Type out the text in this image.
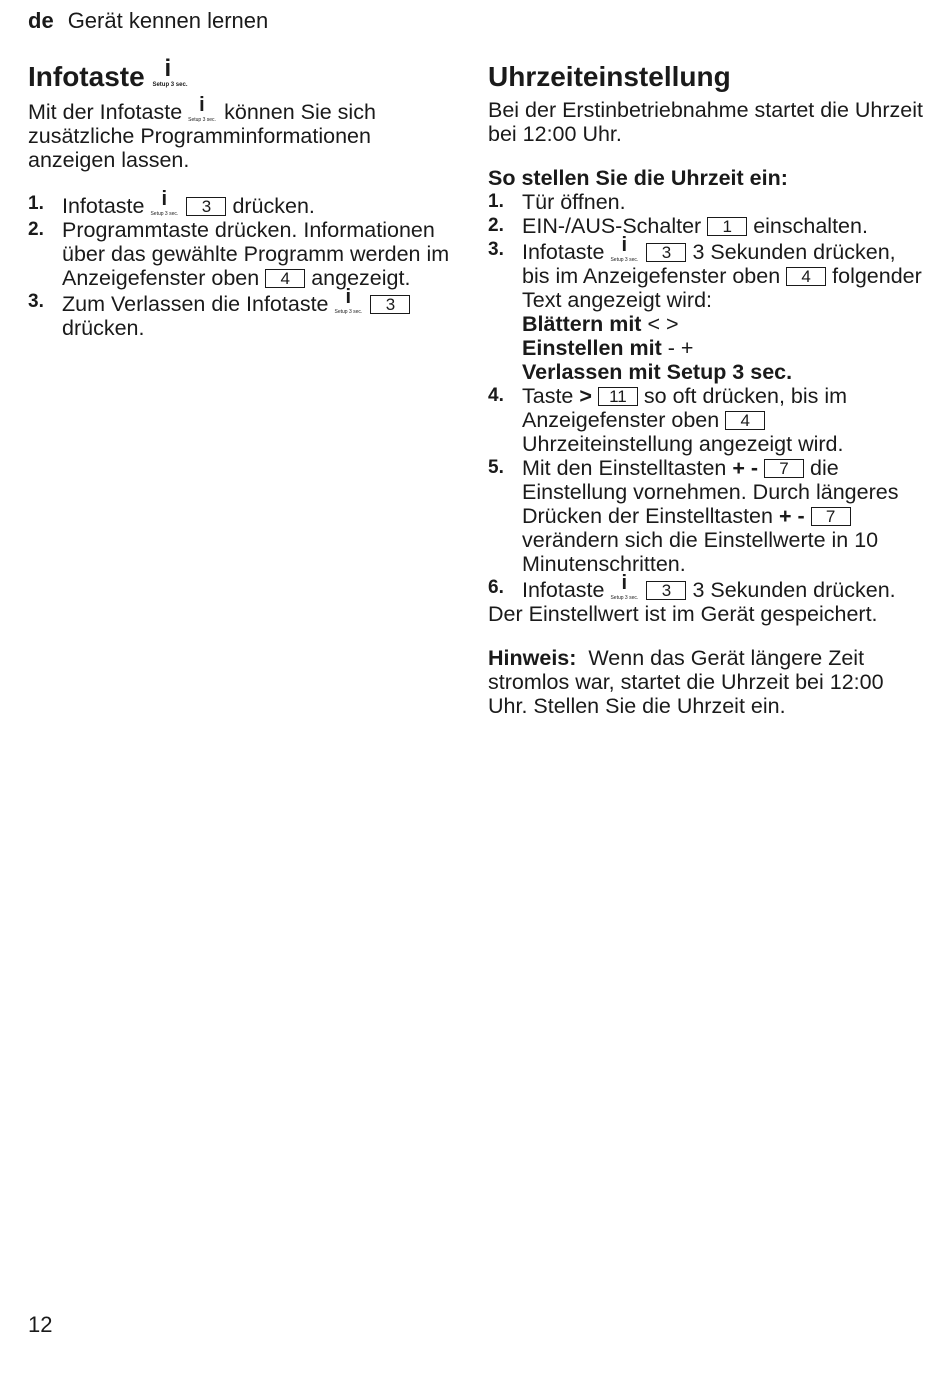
de Gerät kennen lernen
Infotaste i
Setup 3 sec.

Mit der Infotaste i
Setup 3 sec. können Sie sich zusätzliche Programminformationen anzeigen lassen.

1. Infotaste i
Setup 3 sec. 3 drücken.
2. Programmtaste drücken. Informationen über das gewählte Programm werden im Anzeigefenster oben 4 angezeigt.
3. Zum Verlassen die Infotaste i
Setup 3 sec. 3 drücken.
Uhrzeiteinstellung

Bei der Erstinbetriebnahme startet die Uhrzeit bei 12:00 Uhr.

So stellen Sie die Uhrzeit ein:

1. Tür öffnen.
2. EIN-/AUS-Schalter 1 einschalten.
3. Infotaste i
Setup 3 sec. 3 3 Sekunden drücken, bis im Anzeigefenster oben 4 folgender Text angezeigt wird:
Blättern mit < >
Einstellen mit - +
Verlassen mit Setup 3 sec.
4. Taste > 11 so oft drücken, bis im Anzeigefenster oben 4 Uhrzeiteinstellung angezeigt wird.
5. Mit den Einstelltasten + - 7 die Einstellung vornehmen. Durch längeres Drücken der Einstelltasten + - 7 verändern sich die Einstellwerte in 10 Minutenschritten.
6. Infotaste i
Setup 3 sec. 3 3 Sekunden drücken.

Der Einstellwert ist im Gerät gespeichert.

Hinweis: Wenn das Gerät längere Zeit stromlos war, startet die Uhrzeit bei 12:00 Uhr. Stellen Sie die Uhrzeit ein.

12
